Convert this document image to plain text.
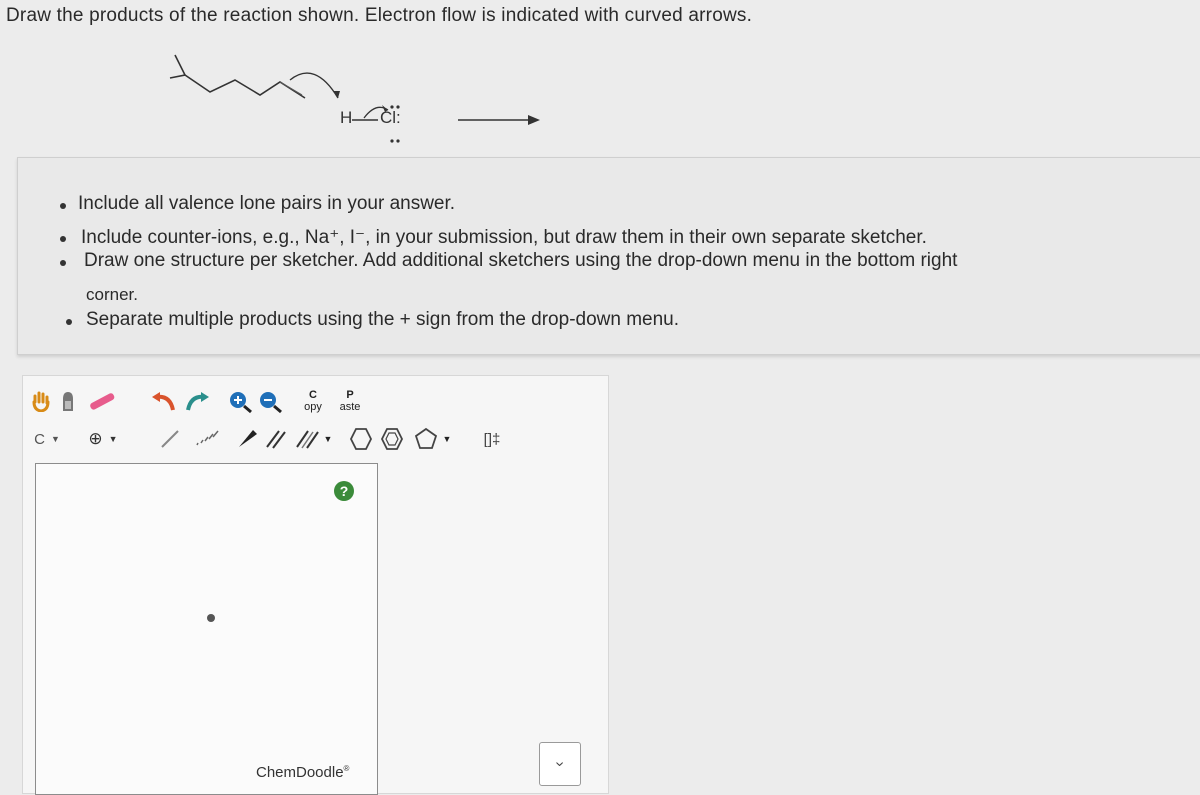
Draw the products of the reaction shown. Electron flow is indicated with curved arrows.
H Cl:
Include all valence lone pairs in your answer.
Include counter-ions, e.g., Na⁺, I⁻, in your submission, but draw them in their own separate sketcher.
Draw one structure per sketcher. Add additional sketchers using the drop-down menu in the bottom right
corner.
Separate multiple products using the + sign from the drop-down menu.
C
opy
P
aste
C ▼ ⊕ ▼	▼	▼	[]‡
?
ChemDoodle®	›
